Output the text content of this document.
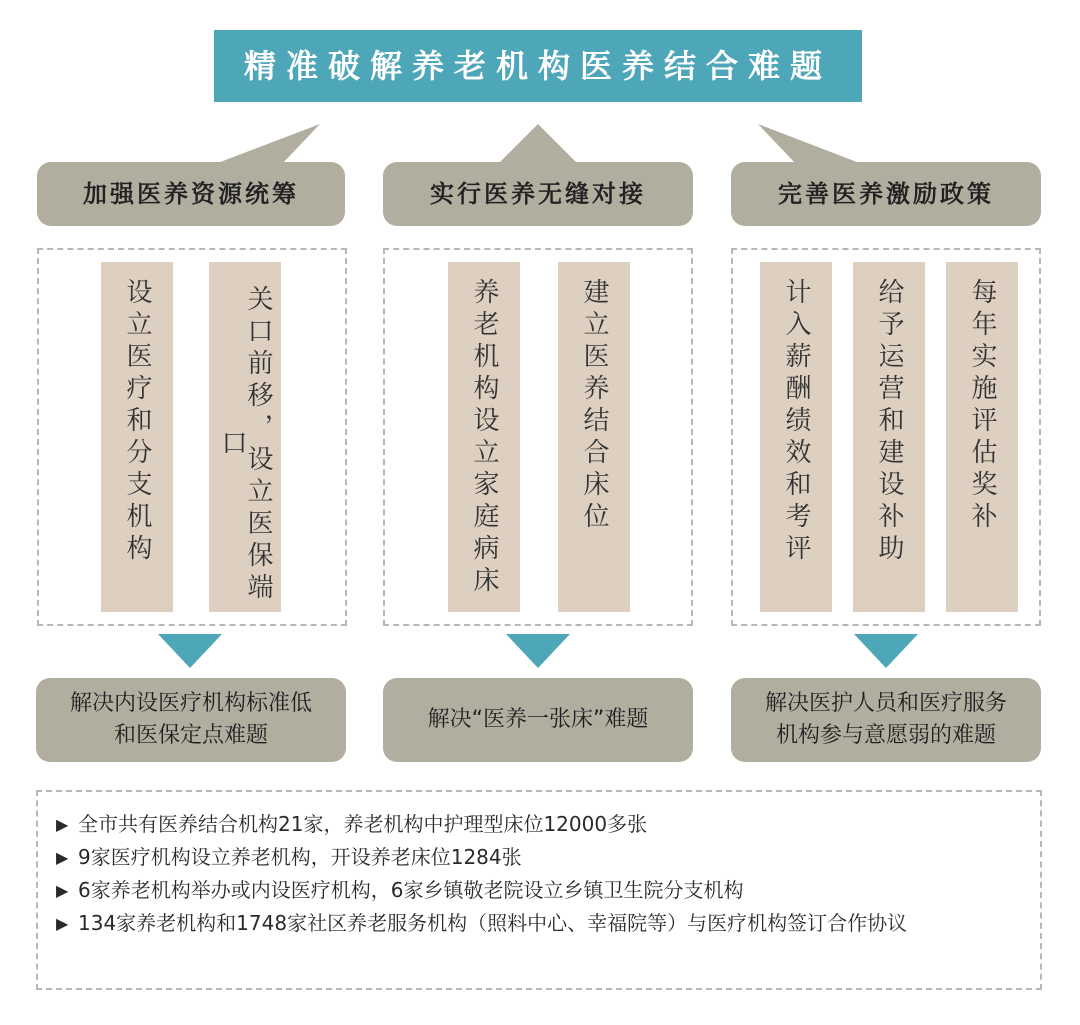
精准破解养老机构医养结合难题
加强医养资源统筹
设立医疗和分支机构	关口前移，设立医保端口
解决内设医疗机构标准低
和医保定点难题
实行医养无缝对接
养老机构设立家庭病床	建立医养结合床位
解决“医养一张床”难题
完善医养激励政策
计入薪酬绩效和考评 给予运营和建设补助 每年实施评估奖补
解决医护人员和医疗服务
机构参与意愿弱的难题
▶ 全市共有医养结合机构21家，养老机构中护理型床位12000多张
▶ 9家医疗机构设立养老机构，开设养老床位1284张
▶ 6家养老机构举办或内设医疗机构，6家乡镇敬老院设立乡镇卫生院分支机构
▶ 134家养老机构和1748家社区养老服务机构（照料中心、幸福院等）与医疗机构签订合作协议
